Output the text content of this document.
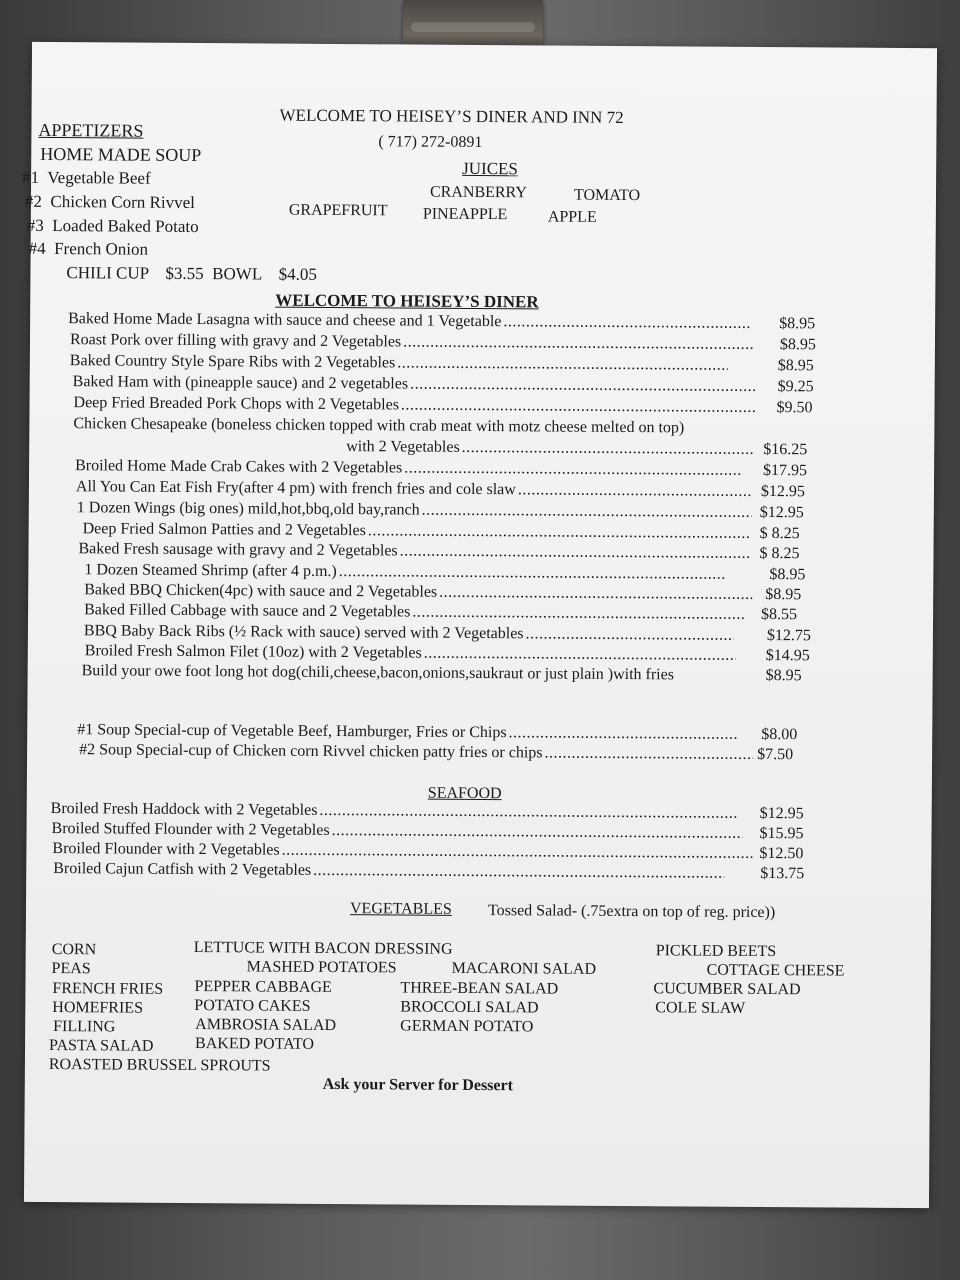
WELCOME TO HEISEY’S DINER AND INN 72
( 717) 272-0891
APPETIZERS
HOME MADE SOUP
#1 Vegetable Beef
#2 Chicken Corn Rivvel
#3 Loaded Baked Potato
#4 French Onion
CHILI CUP    $3.55  BOWL    $4.05
JUICES
CRANBERRY	TOMATO
GRAPEFRUIT PINEAPPLE	APPLE
WELCOME TO HEISEY’S DINER
Baked Home Made Lasagna with sauce and cheese and 1 Vegetable .....	$8.95
Roast Pork over filling with gravy and 2 Vegetables .....	$8.95
Baked Country Style Spare Ribs with 2 Vegetables .....	$8.95
Baked Ham with (pineapple sauce) and 2 vegetables .....	$9.25
Deep Fried Breaded Pork Chops with 2 Vegetables .....	$9.50
Chicken Chesapeake (boneless chicken topped with crab meat with motz cheese melted on top)
with 2 Vegetables .....	$16.25
Broiled Home Made Crab Cakes with 2 Vegetables .....	$17.95
All You Can Eat Fish Fry(after 4 pm) with french fries and cole slaw .....	$12.95
1 Dozen Wings (big ones) mild,hot,bbq,old bay,ranch .....	$12.95
Deep Fried Salmon Patties and 2 Vegetables .....	$ 8.25
Baked Fresh sausage with gravy and 2 Vegetables .....	$ 8.25
1 Dozen Steamed Shrimp (after 4 p.m.) .....	$8.95
Baked BBQ Chicken(4pc) with sauce and 2 Vegetables .....	$8.95
Baked Filled Cabbage with sauce and 2 Vegetables .....	$8.55
BBQ Baby Back Ribs (½ Rack with sauce) served with 2 Vegetables .....	$12.75
Broiled Fresh Salmon Filet (10oz) with 2 Vegetables .....	$14.95
Build your owe foot long hot dog(chili,cheese,bacon,onions,saukraut or just plain )with fries	$8.95
#1 Soup Special-cup of Vegetable Beef, Hamburger, Fries or Chips .....	$8.00
#2 Soup Special-cup of Chicken corn Rivvel chicken patty fries or chips .....	$7.50
SEAFOOD
Broiled Fresh Haddock with 2 Vegetables .....	$12.95
Broiled Stuffed Flounder with 2 Vegetables .....	$15.95
Broiled Flounder with 2 Vegetables .....	$12.50
Broiled Cajun Catfish with 2 Vegetables .....	$13.75
VEGETABLES Tossed Salad- (.75extra on top of reg. price))
CORN
PEAS
FRENCH FRIES
HOMEFRIES
FILLING
PASTA SALAD
ROASTED BRUSSEL SPROUTS
LETTUCE WITH BACON DRESSING
MASHED POTATOES	MACARONI SALAD
PEPPER CABBAGE
POTATO CAKES
AMBROSIA SALAD
BAKED POTATO
THREE-BEAN SALAD
BROCCOLI SALAD
GERMAN POTATO
PICKLED BEETS
COTTAGE CHEESE
CUCUMBER SALAD
COLE SLAW
Ask your Server for Dessert
